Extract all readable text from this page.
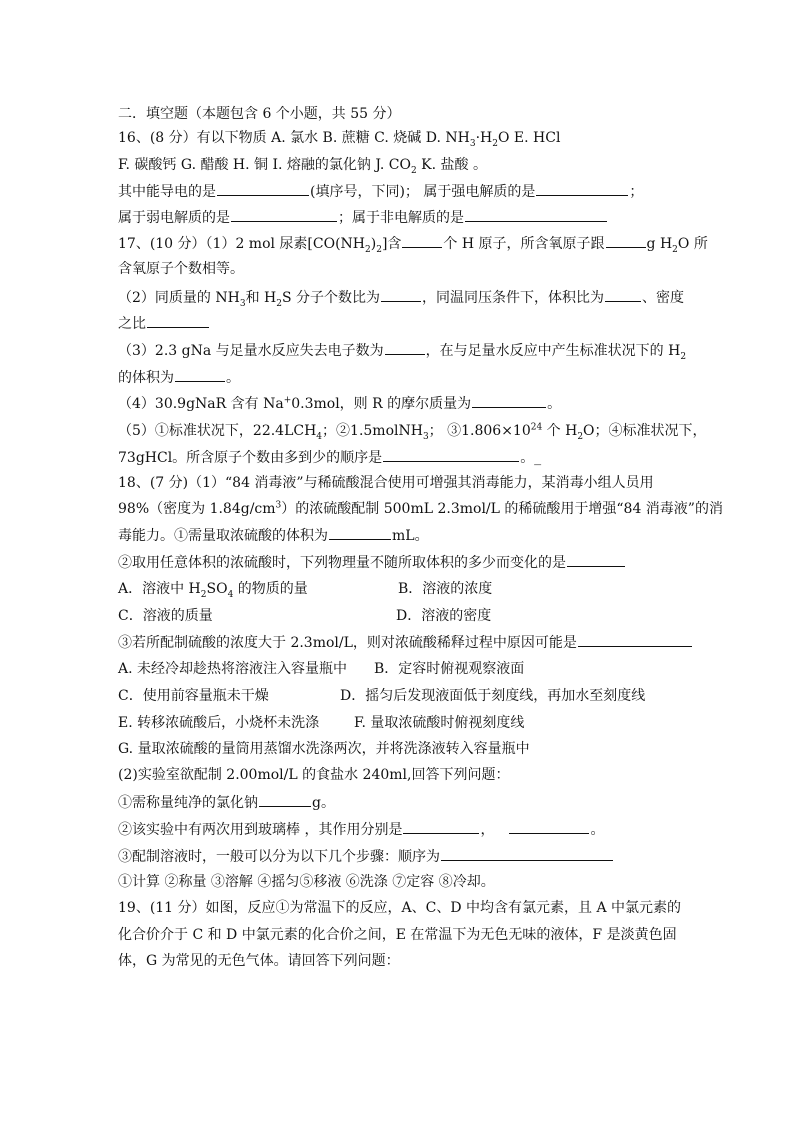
二．填空题（本题包含 6 个小题，共 55 分）
16、(8 分）有以下物质 A. 氯水 B. 蔗糖 C. 烧碱 D. $NH_3\cdot H_2O$ E. HCl
F. 碳酸钙 G. 醋酸 H. 铜 I. 熔融的氯化钠 J. $CO_2$ K. 盐酸 。
其中能导电的是	(填序号，下同)； 属于强电解质的是	；
属于弱电解质的是	；属于非电解质的是
17、(10 分）（1）2 mol 尿素$[CO(NH_2)_2]$含	个 H 原子，所含氧原子跟	g $H_2O$ 所
含氧原子个数相等。
（2）同质量的 $NH_3$和 $H_2S$ 分子个数比为	，同温同压条件下，体积比为	、密度
之比
（3）2.3 gNa 与足量水反应失去电子数为	，在与足量水反应中产生标准状况下的 $H_2$
的体积为	。
（4）30.9gNaR 含有 Na+0.3mol，则 R 的摩尔质量为	。
（5）①标准状况下，$22.4LCH_4$；②1.5molNH$_3$； $③1.806\times 10^{24}$ 个 $H_2O$；④标准状况下，
73gHCl。所含原子个数由多到少的顺序是	。_
18、(7 分)（1）“84 消毒液”与稀硫酸混合使用可增强其消毒能力，某消毒小组人员用
98%（密度为 $1.84g/cm^3$）的浓硫酸配制 500mL 2.3mol/L 的稀硫酸用于增强“84 消毒液”的消
毒能力。①需量取浓硫酸的体积为	mL。
②取用任意体积的浓硫酸时，下列物理量不随所取体积的多少而变化的是
A．溶液中 $H_2SO_4$ 的物质的量	B．溶液的浓度
C．溶液的质量	D．溶液的密度
③若所配制硫酸的浓度大于 2.3mol/L，则对浓硫酸稀释过程中原因可能是
A. 未经冷却趁热将溶液注入容量瓶中 B．定容时俯视观察液面
C．使用前容量瓶未干燥	D．摇匀后发现液面低于刻度线，再加水至刻度线
E. 转移浓硫酸后，小烧杯未洗涤 F. 量取浓硫酸时俯视刻度线
G. 量取浓硫酸的量筒用蒸馏水洗涤两次，并将洗涤液转入容量瓶中
(2)实验室欲配制 2.00mol/L 的食盐水 240ml,回答下列问题：
①需称量纯净的氯化钠	g。
②该实验中有两次用到玻璃棒 ，其作用分别是	，	。
③配制溶液时，一般可以分为以下几个步骤：顺序为
①计算 ②称量 ③溶解 ④摇匀⑤移液 ⑥洗涤 ⑦定容 ⑧冷却。
19、(11 分）如图，反应①为常温下的反应，A、C、D 中均含有氯元素，且 A 中氯元素的
化合价介于 C 和 D 中氯元素的化合价之间，E 在常温下为无色无味的液体，F 是淡黄色固
体，G 为常见的无色气体。请回答下列问题：
